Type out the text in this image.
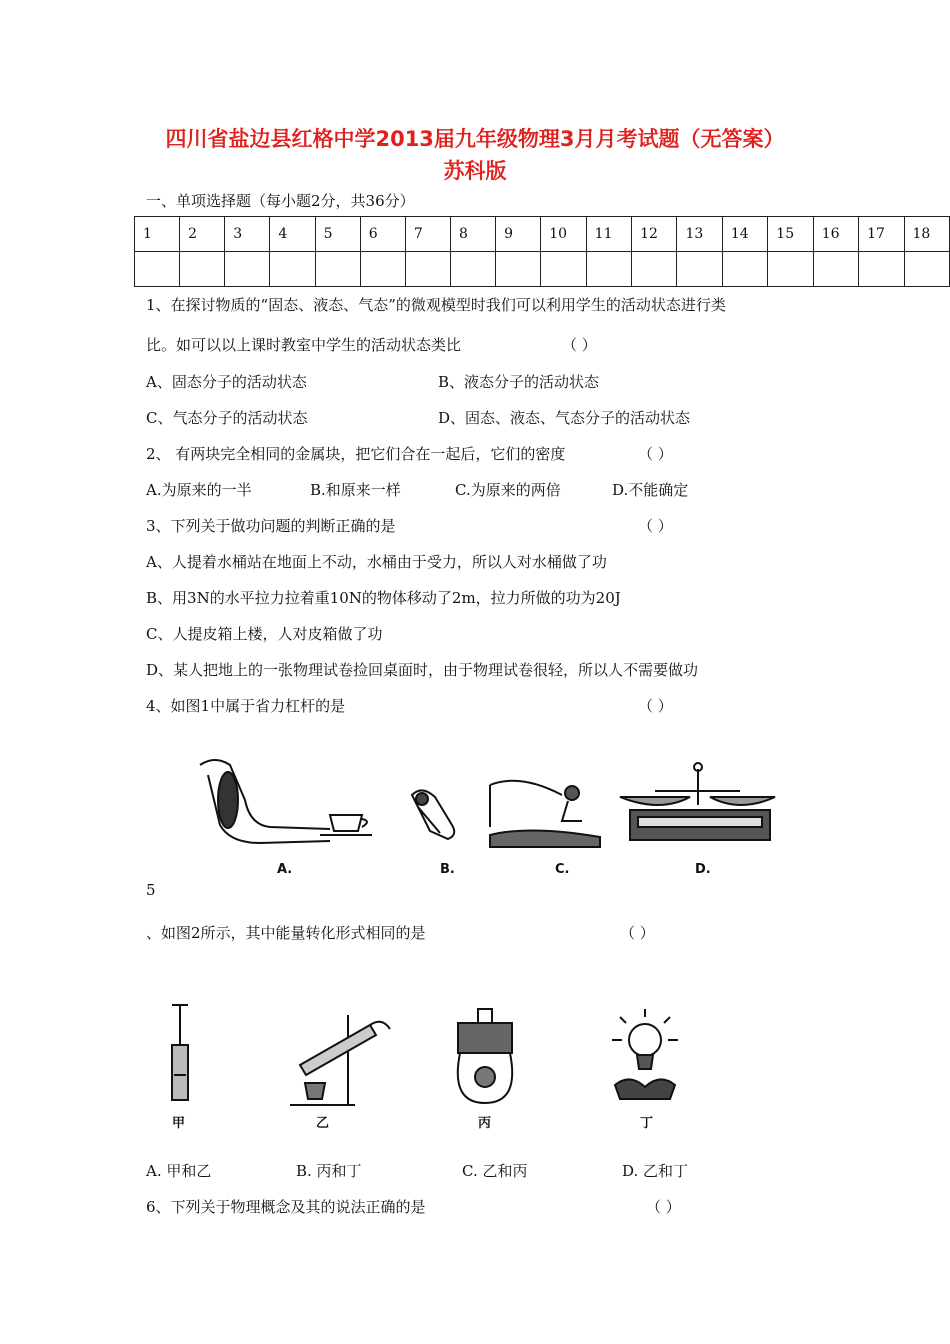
四川省盐边县红格中学2013届九年级物理3月月考试题（无答案）
苏科版
一、单项选择题（每小题2分，共36分）
1	2	3	4	5	6	7	8	9	10	11	12	13	14	15	16	17	18

1、在探讨物质的“固态、液态、气态”的微观模型时我们可以利用学生的活动状态进行类
比。如可以以上课时教室中学生的活动状态类比	（ ）
A、固态分子的活动状态	B、液态分子的活动状态
C、气态分子的活动状态	D、固态、液态、气态分子的活动状态
2、 有两块完全相同的金属块，把它们合在一起后，它们的密度	（ ）
A.为原来的一半	B.和原来一样	C.为原来的两倍	D.不能确定
3、下列关于做功问题的判断正确的是	（ ）
A、人提着水桶站在地面上不动，水桶由于受力，所以人对水桶做了功
B、用3N的水平拉力拉着重10N的物体移动了2m，拉力所做的功为20J
C、人提皮箱上楼，人对皮箱做了功
D、某人把地上的一张物理试卷捡回桌面时，由于物理试卷很轻，所以人不需要做功
4、如图1中属于省力杠杆的是	（ ）
A.	B.	C.	D.
5
、如图2所示，其中能量转化形式相同的是	（ ）
甲	乙	丙	丁
A. 甲和乙	B. 丙和丁	C. 乙和丙	D. 乙和丁
6、下列关于物理概念及其的说法正确的是	（ ）
